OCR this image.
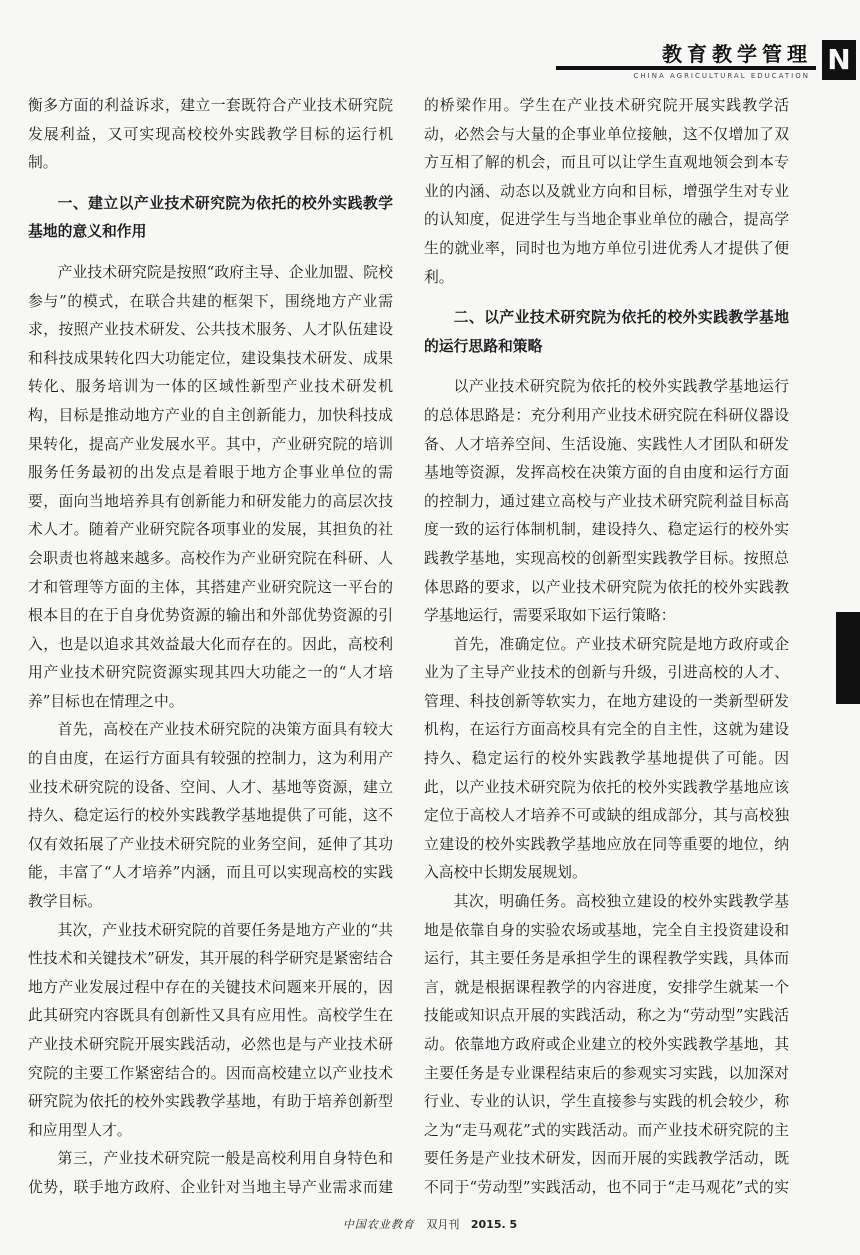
教育教学管理
CHINA AGRICULTURAL EDUCATION N

衡多方面的利益诉求，建立一套既符合产业技术研究院发展利益，又可实现高校校外实践教学目标的运行机制。

一、建立以产业技术研究院为依托的校外实践教学基地的意义和作用

产业技术研究院是按照“政府主导、企业加盟、院校参与”的模式，在联合共建的框架下，围绕地方产业需求，按照产业技术研发、公共技术服务、人才队伍建设和科技成果转化四大功能定位，建设集技术研发、成果转化、服务培训为一体的区域性新型产业技术研发机构，目标是推动地方产业的自主创新能力，加快科技成果转化，提高产业发展水平。其中，产业研究院的培训服务任务最初的出发点是着眼于地方企事业单位的需要，面向当地培养具有创新能力和研发能力的高层次技术人才。随着产业研究院各项事业的发展，其担负的社会职责也将越来越多。高校作为产业研究院在科研、人才和管理等方面的主体，其搭建产业研究院这一平台的根本目的在于自身优势资源的输出和外部优势资源的引入，也是以追求其效益最大化而存在的。因此，高校利用产业技术研究院资源实现其四大功能之一的“人才培养”目标也在情理之中。

首先，高校在产业技术研究院的决策方面具有较大的自由度，在运行方面具有较强的控制力，这为利用产业技术研究院的设备、空间、人才、基地等资源，建立持久、稳定运行的校外实践教学基地提供了可能，这不仅有效拓展了产业技术研究院的业务空间，延伸了其功能，丰富了“人才培养”内涵，而且可以实现高校的实践教学目标。

其次，产业技术研究院的首要任务是地方产业的“共性技术和关键技术”研发，其开展的科学研究是紧密结合地方产业发展过程中存在的关键技术问题来开展的，因此其研究内容既具有创新性又具有应用性。高校学生在产业技术研究院开展实践活动，必然也是与产业技术研究院的主要工作紧密结合的。因而高校建立以产业技术研究院为依托的校外实践教学基地，有助于培养创新型和应用型人才。

第三，产业技术研究院一般是高校利用自身特色和优势，联手地方政府、企业针对当地主导产业需求而建

的桥梁作用。学生在产业技术研究院开展实践教学活动，必然会与大量的企事业单位接触，这不仅增加了双方互相了解的机会，而且可以让学生直观地领会到本专业的内涵、动态以及就业方向和目标，增强学生对专业的认知度，促进学生与当地企事业单位的融合，提高学生的就业率，同时也为地方单位引进优秀人才提供了便利。

二、以产业技术研究院为依托的校外实践教学基地的运行思路和策略

以产业技术研究院为依托的校外实践教学基地运行的总体思路是：充分利用产业技术研究院在科研仪器设备、人才培养空间、生活设施、实践性人才团队和研发基地等资源，发挥高校在决策方面的自由度和运行方面的控制力，通过建立高校与产业技术研究院利益目标高度一致的运行体制机制，建设持久、稳定运行的校外实践教学基地，实现高校的创新型实践教学目标。按照总体思路的要求，以产业技术研究院为依托的校外实践教学基地运行，需要采取如下运行策略：

首先，准确定位。产业技术研究院是地方政府或企业为了主导产业技术的创新与升级，引进高校的人才、管理、科技创新等软实力，在地方建设的一类新型研发机构，在运行方面高校具有完全的自主性，这就为建设持久、稳定运行的校外实践教学基地提供了可能。因此，以产业技术研究院为依托的校外实践教学基地应该定位于高校人才培养不可或缺的组成部分，其与高校独立建设的校外实践教学基地应放在同等重要的地位，纳入高校中长期发展规划。

其次，明确任务。高校独立建设的校外实践教学基地是依靠自身的实验农场或基地，完全自主投资建设和运行，其主要任务是承担学生的课程教学实践，具体而言，就是根据课程教学的内容进度，安排学生就某一个技能或知识点开展的实践活动，称之为“劳动型”实践活动。依靠地方政府或企业建立的校外实践教学基地，其主要任务是专业课程结束后的参观实习实践，以加深对行业、专业的认识，学生直接参与实践的机会较少，称之为“走马观花”式的实践活动。而产业技术研究院的主要任务是产业技术研发，因而开展的实践教学活动，既不同于“劳动型”实践活动，也不同于“走马观花”式的实

中国农业教育 双月刊 2015. 5
